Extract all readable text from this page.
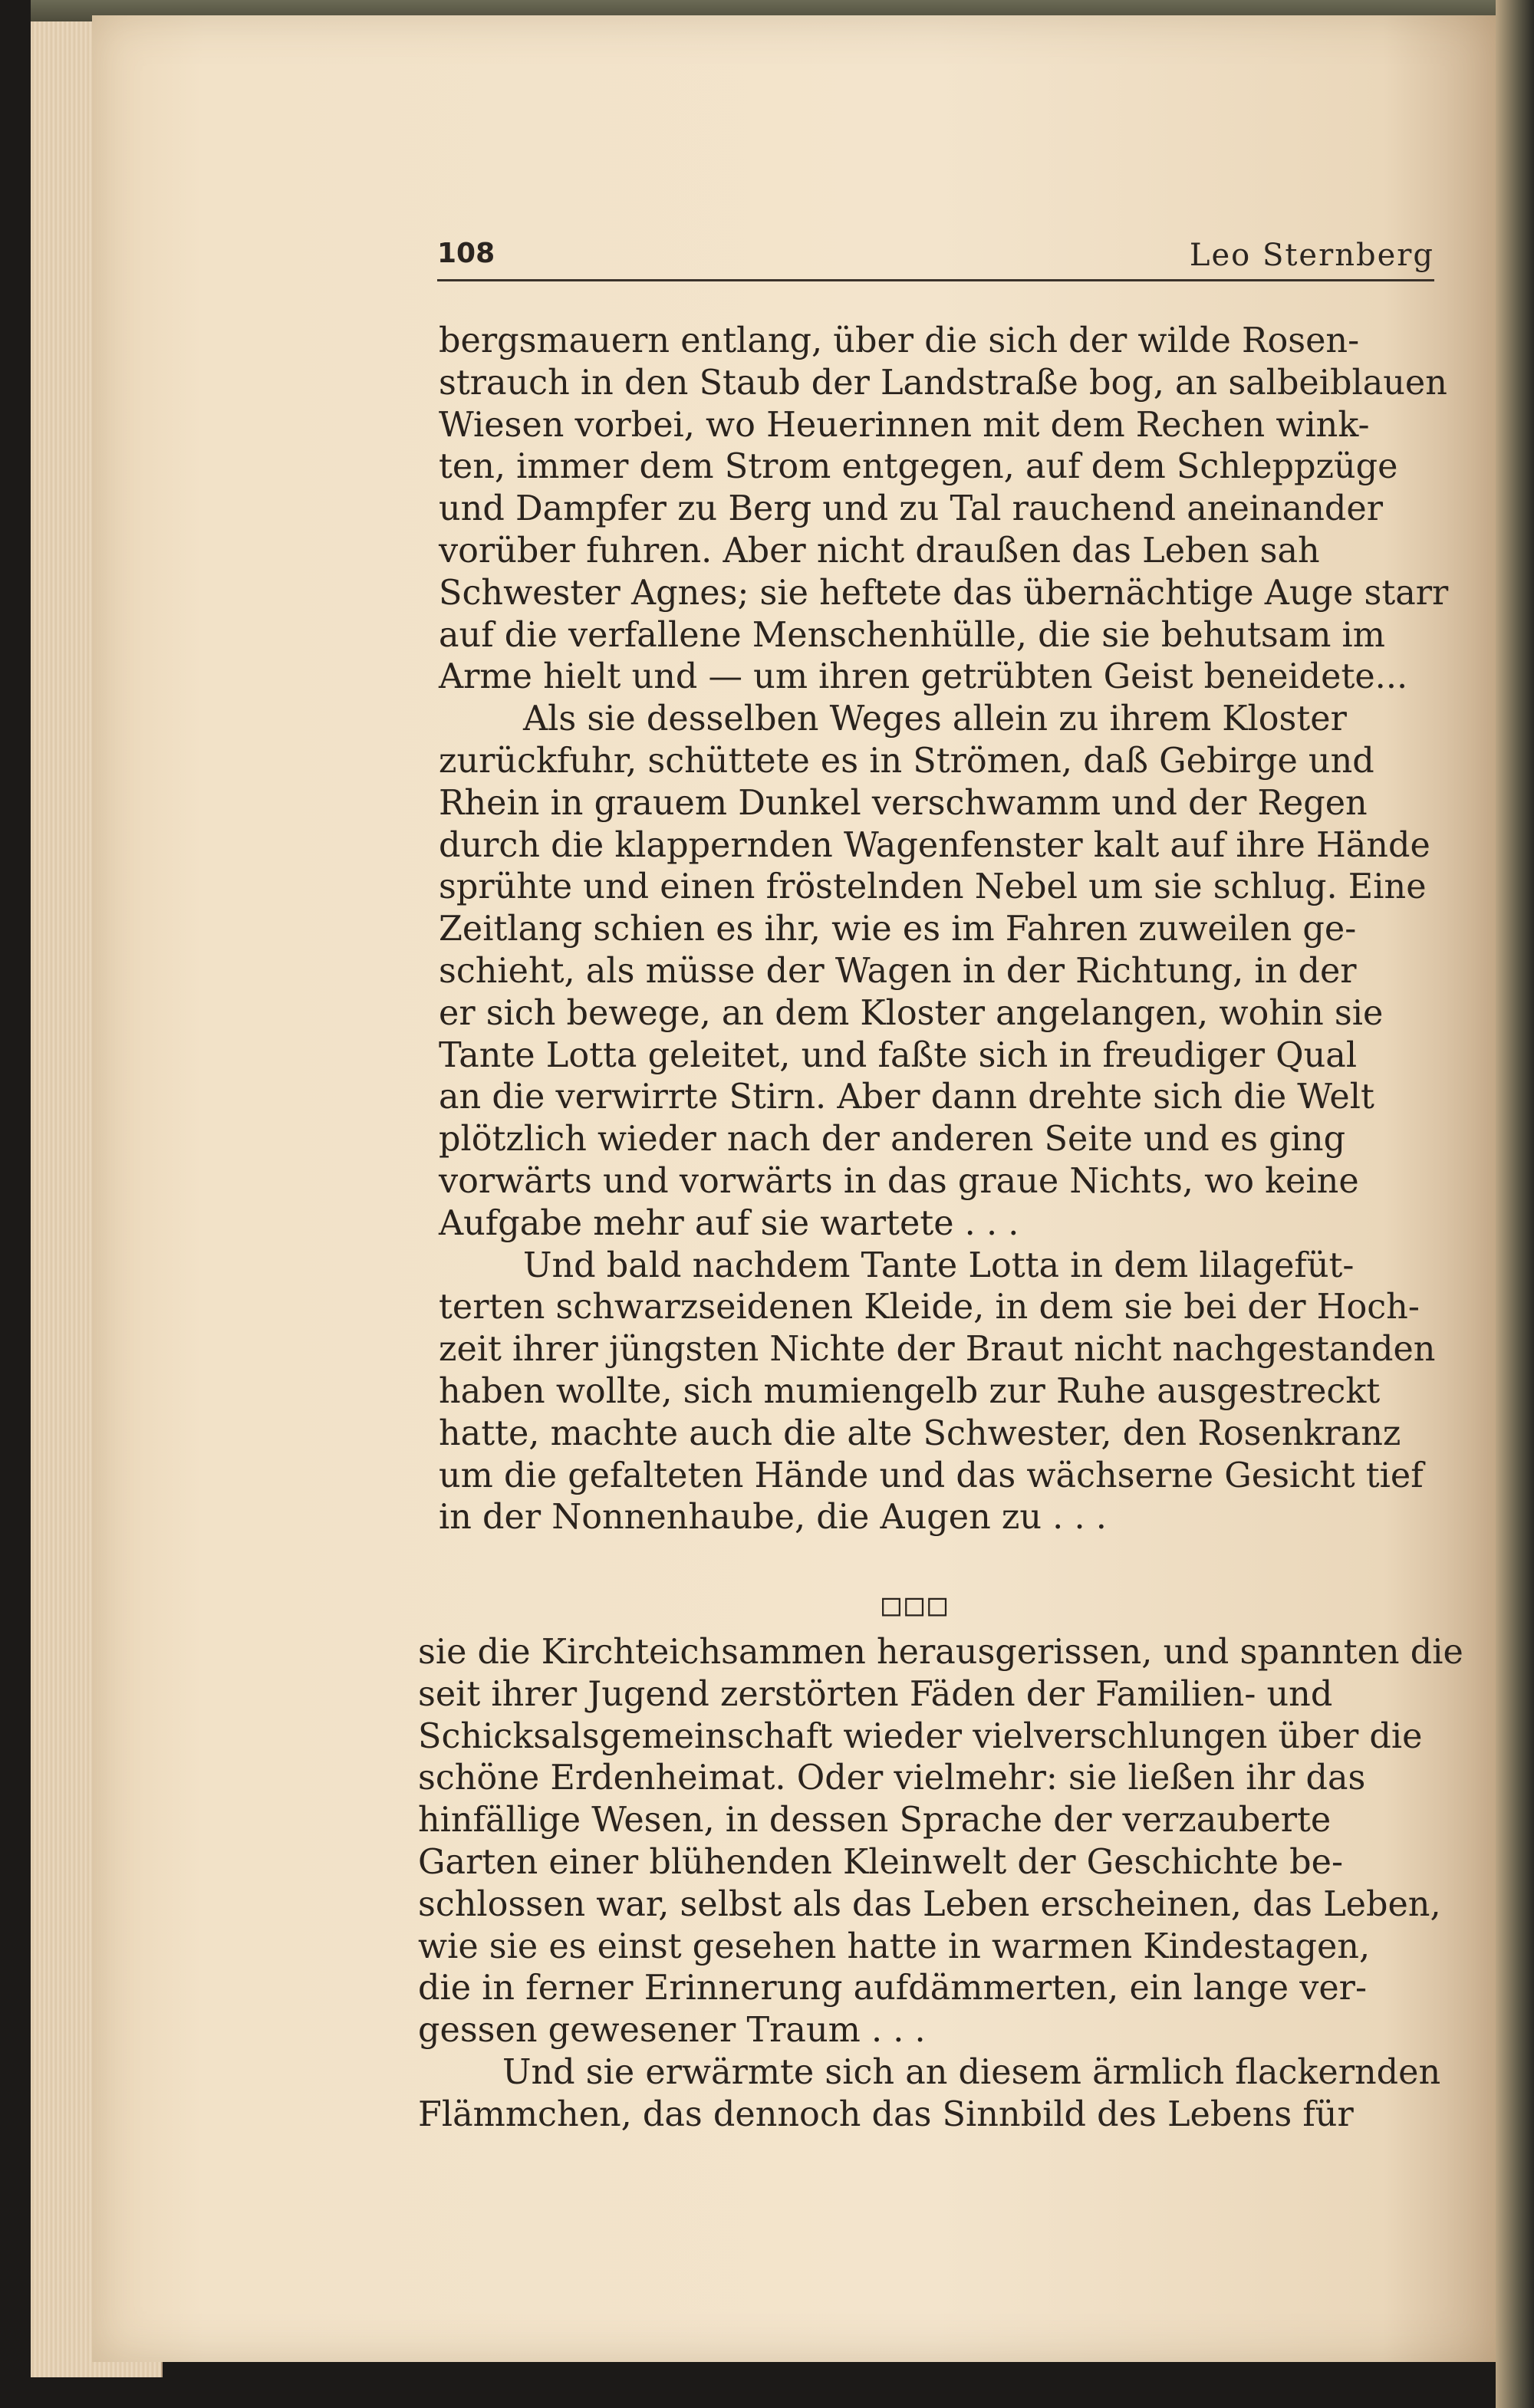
108	Leo Sternberg
bergsmauern entlang, über die sich der wilde Rosen-
strauch in den Staub der Landstraße bog, an salbeiblauen
Wiesen vorbei, wo Heuerinnen mit dem Rechen wink-
ten, immer dem Strom entgegen, auf dem Schleppzüge
und Dampfer zu Berg und zu Tal rauchend aneinander
vorüber fuhren. Aber nicht draußen das Leben sah
Schwester Agnes; sie heftete das übernächtige Auge starr
auf die verfallene Menschenhülle, die sie behutsam im
Arme hielt und — um ihren getrübten Geist beneidete...
Als sie desselben Weges allein zu ihrem Kloster
zurückfuhr, schüttete es in Strömen, daß Gebirge und
Rhein in grauem Dunkel verschwamm und der Regen
durch die klappernden Wagenfenster kalt auf ihre Hände
sprühte und einen fröstelnden Nebel um sie schlug. Eine
Zeitlang schien es ihr, wie es im Fahren zuweilen ge-
schieht, als müsse der Wagen in der Richtung, in der
er sich bewege, an dem Kloster angelangen, wohin sie
Tante Lotta geleitet, und faßte sich in freudiger Qual
an die verwirrte Stirn. Aber dann drehte sich die Welt
plötzlich wieder nach der anderen Seite und es ging
vorwärts und vorwärts in das graue Nichts, wo keine
Aufgabe mehr auf sie wartete . . .
Und bald nachdem Tante Lotta in dem lilagefüt-
terten schwarzseidenen Kleide, in dem sie bei der Hoch-
zeit ihrer jüngsten Nichte der Braut nicht nachgestanden
haben wollte, sich mumiengelb zur Ruhe ausgestreckt
hatte, machte auch die alte Schwester, den Rosenkranz
um die gefalteten Hände und das wächserne Gesicht tief
in der Nonnenhaube, die Augen zu . . .
□□□
sie die Kirchteichsammen herausgerissen, und spannten die
seit ihrer Jugend zerstörten Fäden der Familien- und
Schicksalsgemeinschaft wieder vielverschlungen über die
schöne Erdenheimat. Oder vielmehr: sie ließen ihr das
hinfällige Wesen, in dessen Sprache der verzauberte
Garten einer blühenden Kleinwelt der Geschichte be-
schlossen war, selbst als das Leben erscheinen, das Leben,
wie sie es einst gesehen hatte in warmen Kindestagen,
die in ferner Erinnerung aufdämmerten, ein lange ver-
gessen gewesener Traum . . .
Und sie erwärmte sich an diesem ärmlich flackernden
Flämmchen, das dennoch das Sinnbild des Lebens für
